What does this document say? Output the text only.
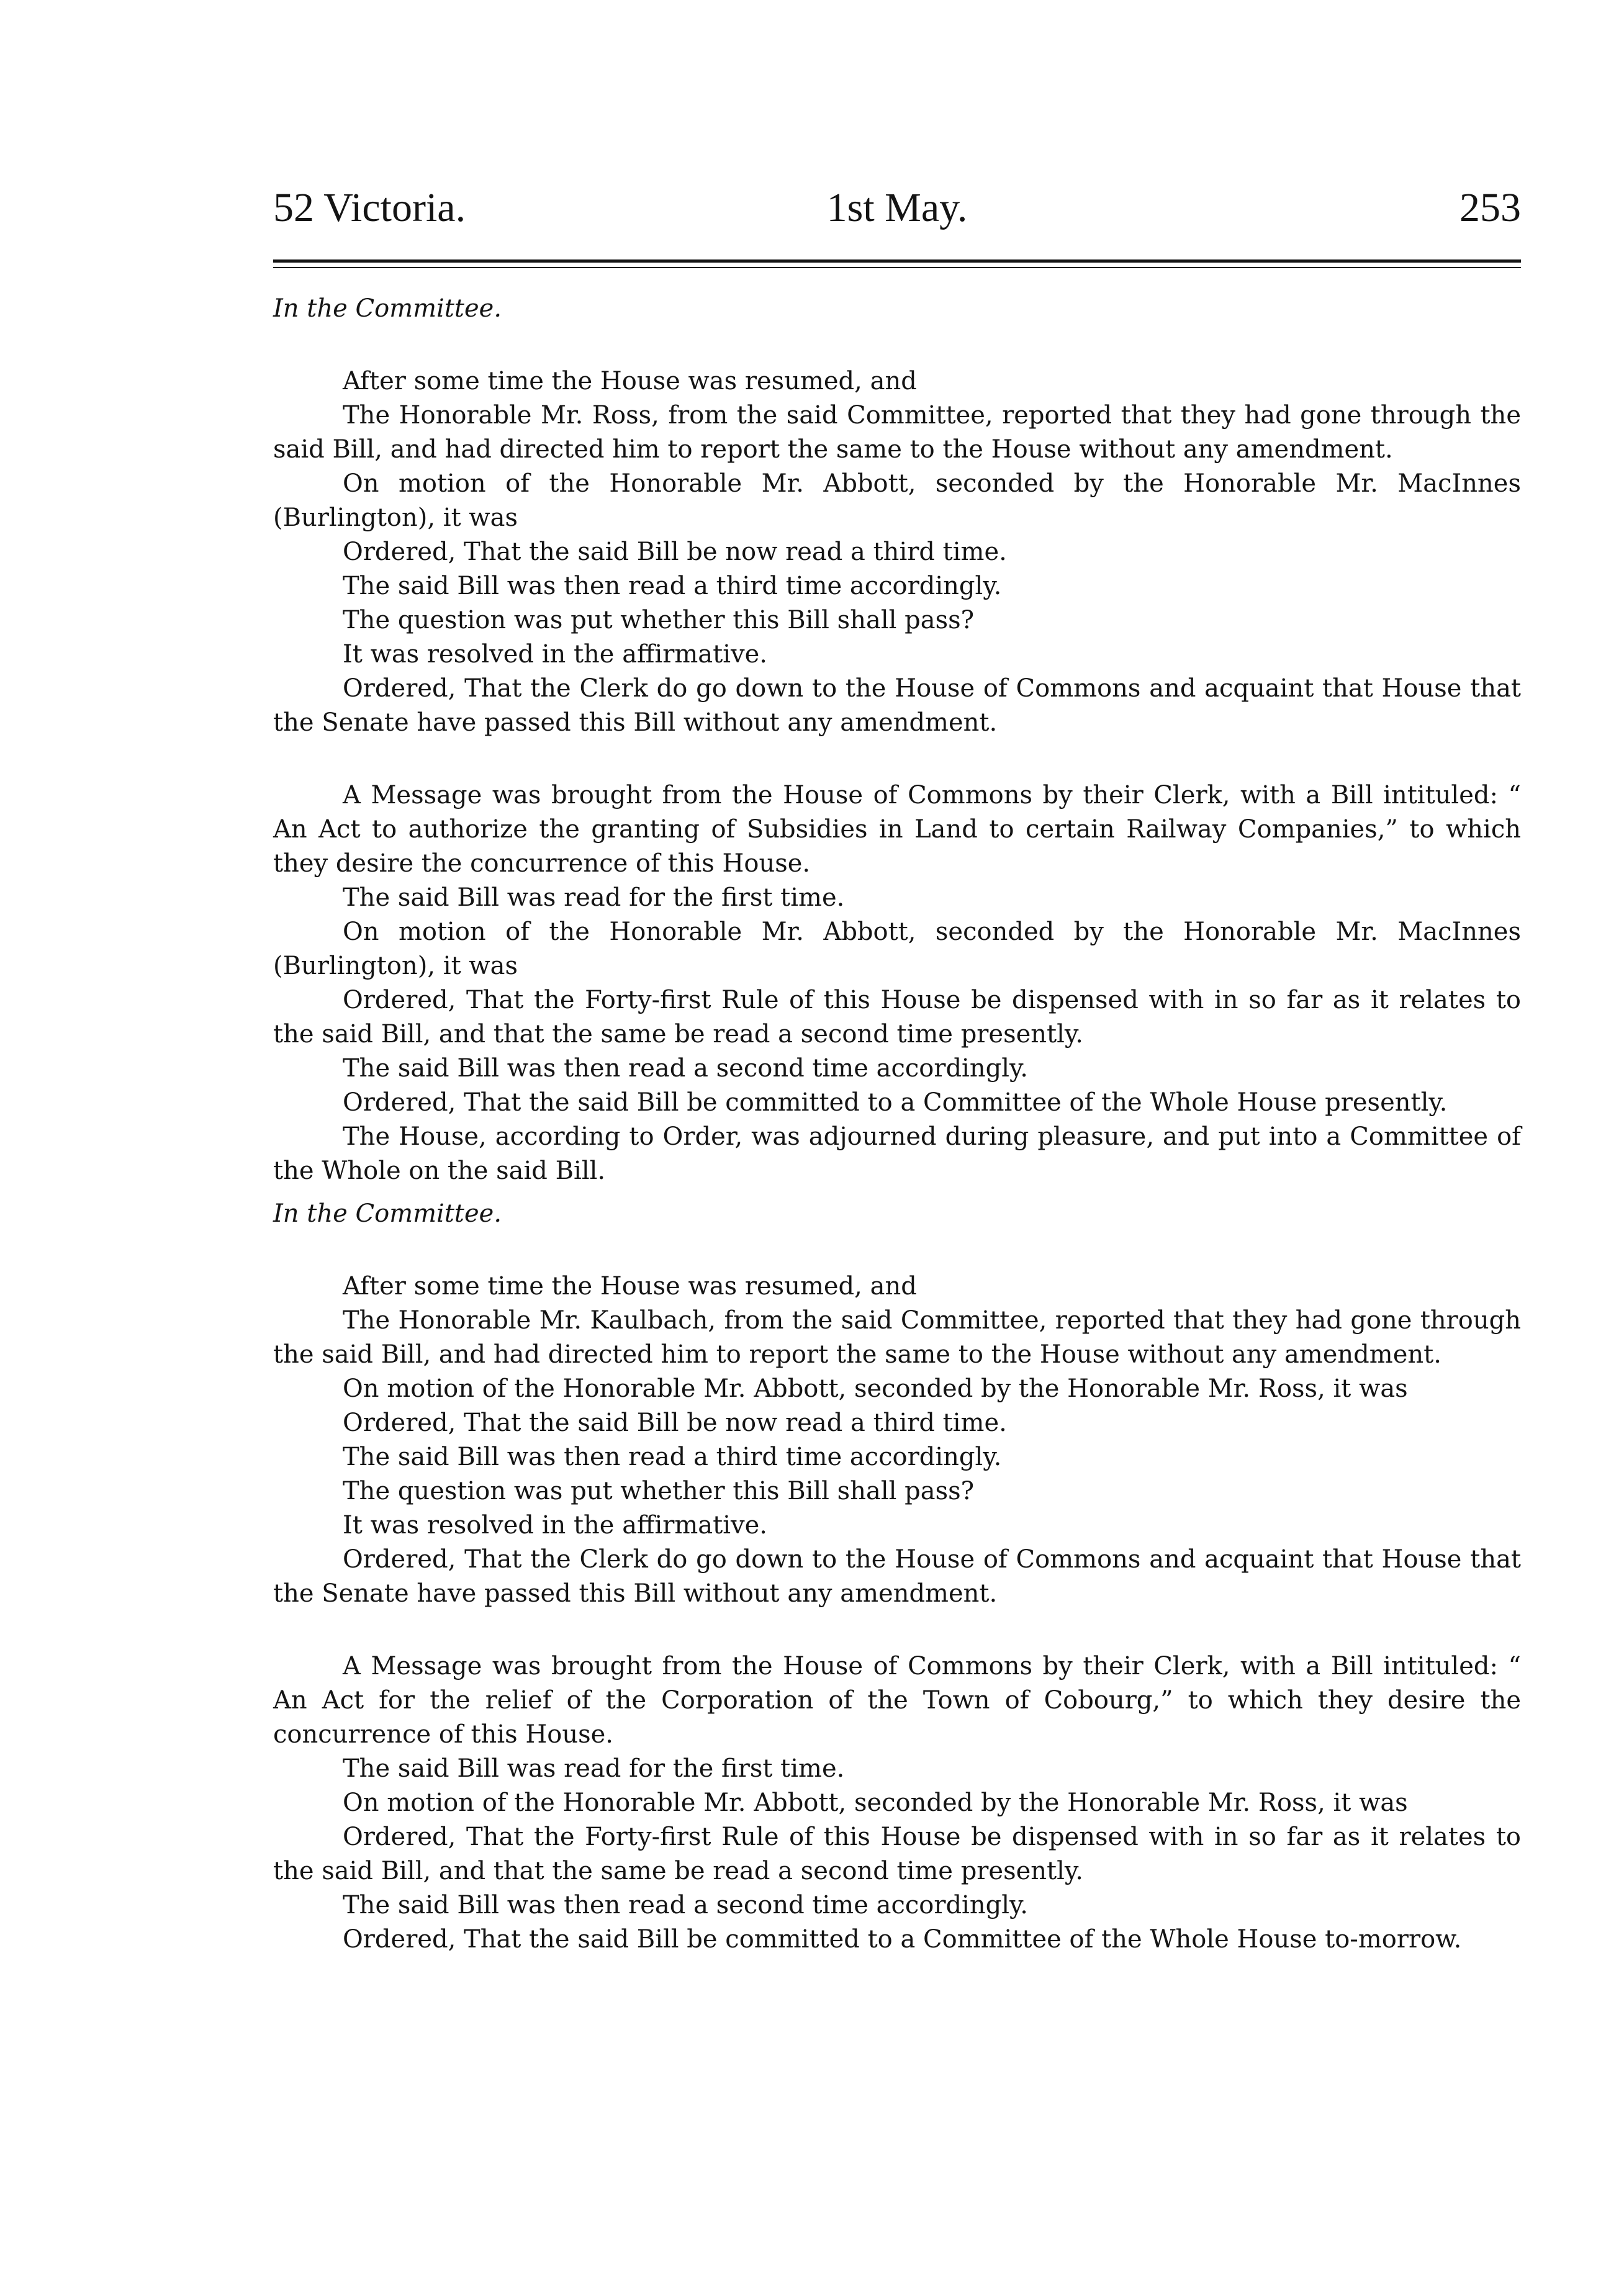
52 Victoria.	1st May.	253

In the Committee.

After some time the House was resumed, and

The Honorable Mr. Ross, from the said Committee, reported that they had gone through the said Bill, and had directed him to report the same to the House without any amendment.

On motion of the Honorable Mr. Abbott, seconded by the Honorable Mr. MacInnes (Burlington), it was

Ordered, That the said Bill be now read a third time.

The said Bill was then read a third time accordingly.

The question was put whether this Bill shall pass?

It was resolved in the affirmative.

Ordered, That the Clerk do go down to the House of Commons and acquaint that House that the Senate have passed this Bill without any amendment.

A Message was brought from the House of Commons by their Clerk, with a Bill intituled: “ An Act to authorize the granting of Subsidies in Land to certain Railway Companies,” to which they desire the concurrence of this House.

The said Bill was read for the first time.

On motion of the Honorable Mr. Abbott, seconded by the Honorable Mr. MacInnes (Burlington), it was

Ordered, That the Forty-first Rule of this House be dispensed with in so far as it relates to the said Bill, and that the same be read a second time presently.

The said Bill was then read a second time accordingly.

Ordered, That the said Bill be committed to a Committee of the Whole House presently.

The House, according to Order, was adjourned during pleasure, and put into a Committee of the Whole on the said Bill.

In the Committee.

After some time the House was resumed, and

The Honorable Mr. Kaulbach, from the said Committee, reported that they had gone through the said Bill, and had directed him to report the same to the House without any amendment.

On motion of the Honorable Mr. Abbott, seconded by the Honorable Mr. Ross, it was

Ordered, That the said Bill be now read a third time.

The said Bill was then read a third time accordingly.

The question was put whether this Bill shall pass?

It was resolved in the affirmative.

Ordered, That the Clerk do go down to the House of Commons and acquaint that House that the Senate have passed this Bill without any amendment.

A Message was brought from the House of Commons by their Clerk, with a Bill intituled: “ An Act for the relief of the Corporation of the Town of Cobourg,” to which they desire the concurrence of this House.

The said Bill was read for the first time.

On motion of the Honorable Mr. Abbott, seconded by the Honorable Mr. Ross, it was

Ordered, That the Forty-first Rule of this House be dispensed with in so far as it relates to the said Bill, and that the same be read a second time presently.

The said Bill was then read a second time accordingly.

Ordered, That the said Bill be committed to a Committee of the Whole House to-morrow.
